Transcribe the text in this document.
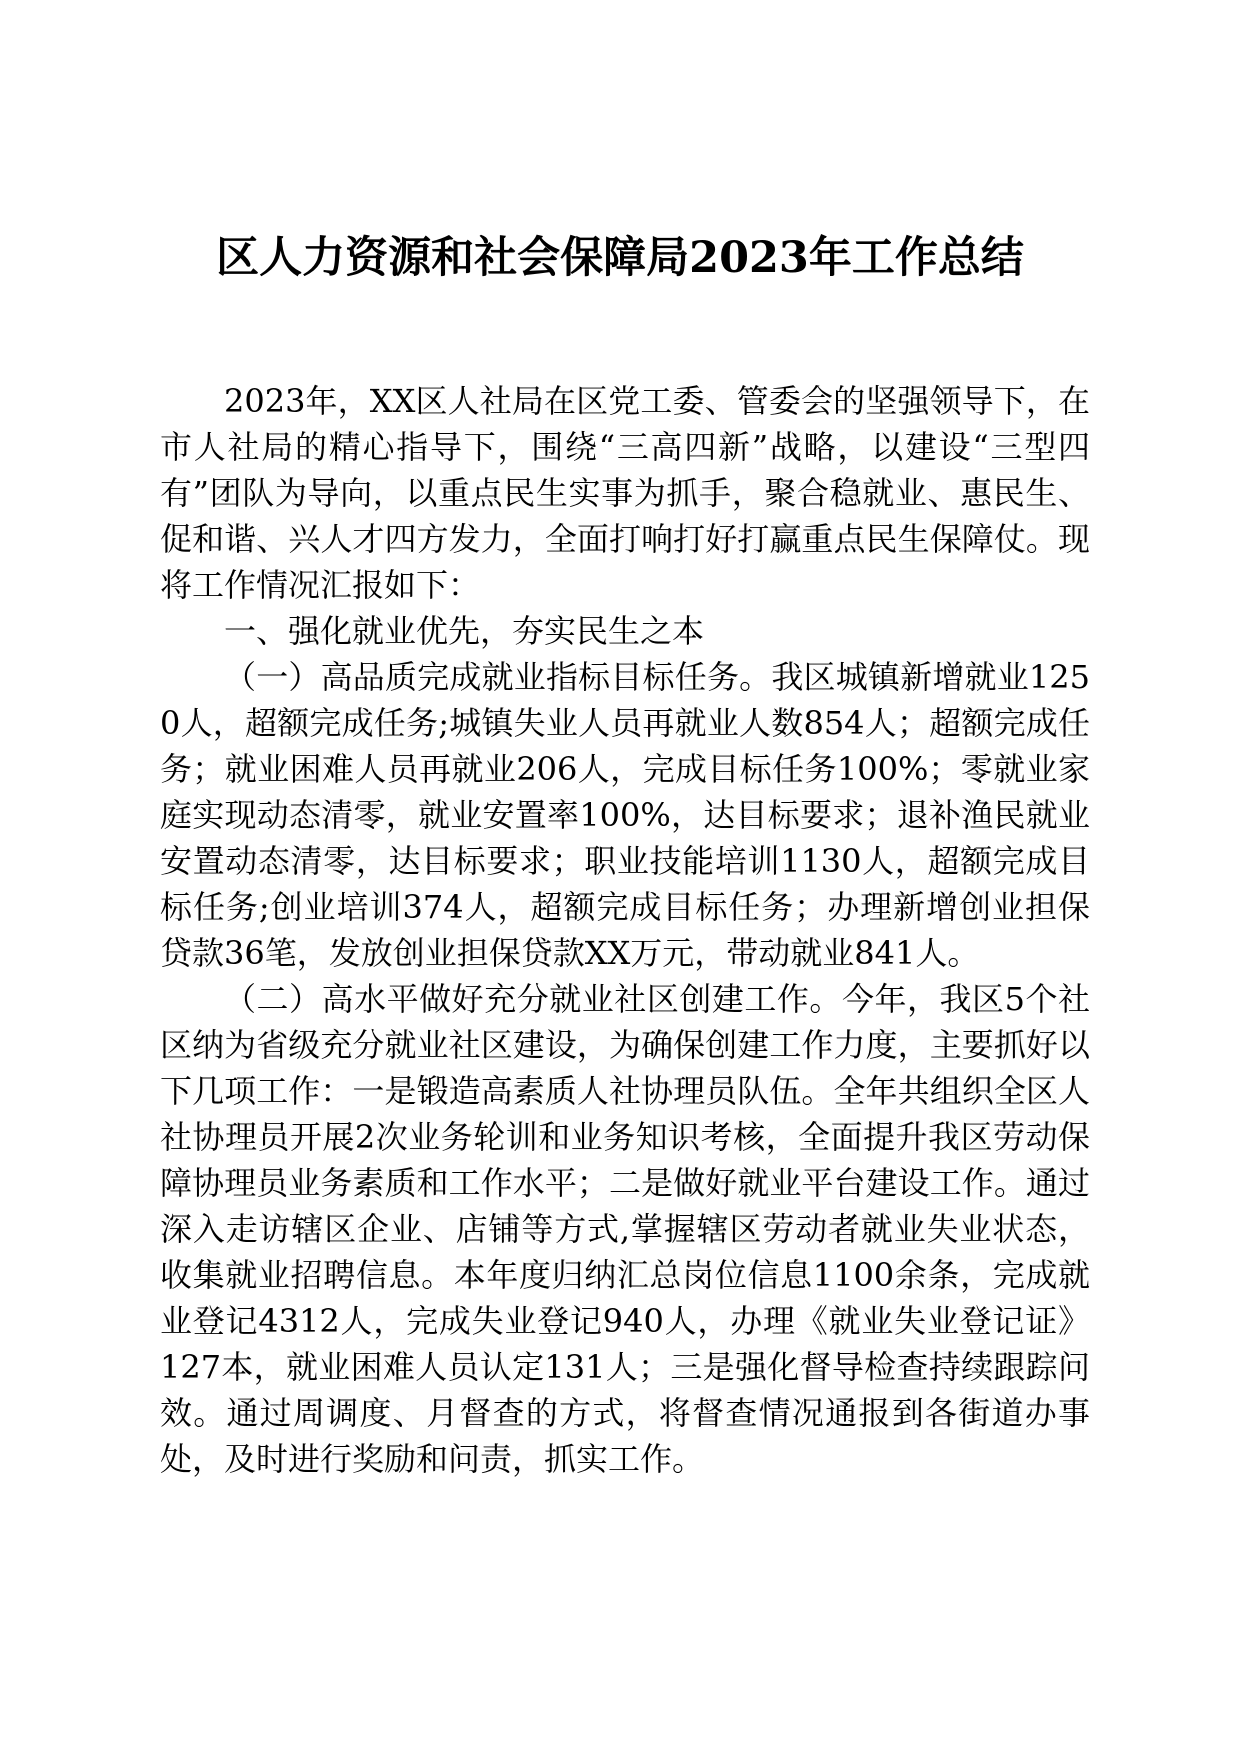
区人力资源和社会保障局2023年工作总结

2023年，XX区人社局在区党工委、管委会的坚强领导下，在市人社局的精心指导下，围绕“三高四新”战略，以建设“三型四有”团队为导向，以重点民生实事为抓手，聚合稳就业、惠民生、促和谐、兴人才四方发力，全面打响打好打赢重点民生保障仗。现将工作情况汇报如下：

一、强化就业优先，夯实民生之本

（一）高品质完成就业指标目标任务。我区城镇新增就业1250人，超额完成任务;城镇失业人员再就业人数854人；超额完成任务；就业困难人员再就业206人，完成目标任务100%；零就业家庭实现动态清零，就业安置率100%，达目标要求；退补渔民就业安置动态清零，达目标要求；职业技能培训1130人，超额完成目标任务;创业培训374人，超额完成目标任务；办理新增创业担保贷款36笔，发放创业担保贷款XX万元，带动就业841人。

（二）高水平做好充分就业社区创建工作。今年，我区5个社区纳为省级充分就业社区建设，为确保创建工作力度，主要抓好以下几项工作：一是锻造高素质人社协理员队伍。全年共组织全区人社协理员开展2次业务轮训和业务知识考核，全面提升我区劳动保障协理员业务素质和工作水平；二是做好就业平台建设工作。通过深入走访辖区企业、店铺等方式,掌握辖区劳动者就业失业状态，收集就业招聘信息。本年度归纳汇总岗位信息1100余条，完成就业登记4312人，完成失业登记940人，办理《就业失业登记证》127本，就业困难人员认定131人；三是强化督导检查持续跟踪问效。通过周调度、月督查的方式，将督查情况通报到各街道办事处，及时进行奖励和问责，抓实工作。
